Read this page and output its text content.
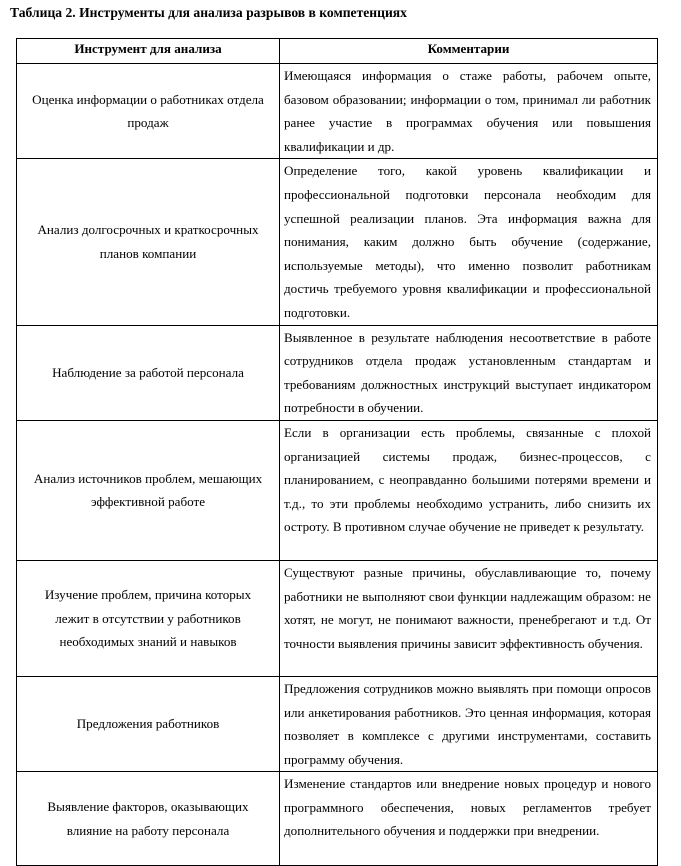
Таблица 2. Инструменты для анализа разрывов в компетенциях
Инструмент для анализа	Комментарии
Оценка информации о работниках отдела продаж	Имеющаяся информация о стаже работы, рабочем опыте, базовом образовании; информации о том, принимал ли работник ранее участие в программах обучения или повышения квалификации и др.
Анализ долгосрочных и краткосрочных планов компании	Определение того, какой уровень квалификации и профессиональной подготовки персонала необходим для успешной реализации планов. Эта информация важна для понимания, каким должно быть обучение (содержание, используемые методы), что именно позволит работникам достичь требуемого уровня квалификации и профессиональной подготовки.
Наблюдение за работой персонала	Выявленное в результате наблюдения несоответствие в работе сотрудников отдела продаж установленным стандартам и требованиям должностных инструкций выступает индикатором потребности в обучении.
Анализ источников проблем, мешающих эффективной работе	Если в организации есть проблемы, связанные с плохой организацией системы продаж, бизнес-процессов, с планированием, с неоправданно большими потерями времени и т.д., то эти проблемы необходимо устранить, либо снизить их остроту. В противном случае обучение не приведет к результату.
Изучение проблем, причина которых лежит в отсутствии у работников необходимых знаний и навыков	Существуют разные причины, обуславливающие то, почему работники не выполняют свои функции надлежащим образом: не хотят, не могут, не понимают важности, пренебрегают и т.д. От точности выявления причины зависит эффективность обучения.
Предложения работников	Предложения сотрудников можно выявлять при помощи опросов или анкетирования работников. Это ценная информация, которая позволяет в комплексе с другими инструментами, составить программу обучения.
Выявление факторов, оказывающих влияние на работу персонала	Изменение стандартов или внедрение новых процедур и нового программного обеспечения, новых регламентов требует дополнительного обучения и поддержки при внедрении.
